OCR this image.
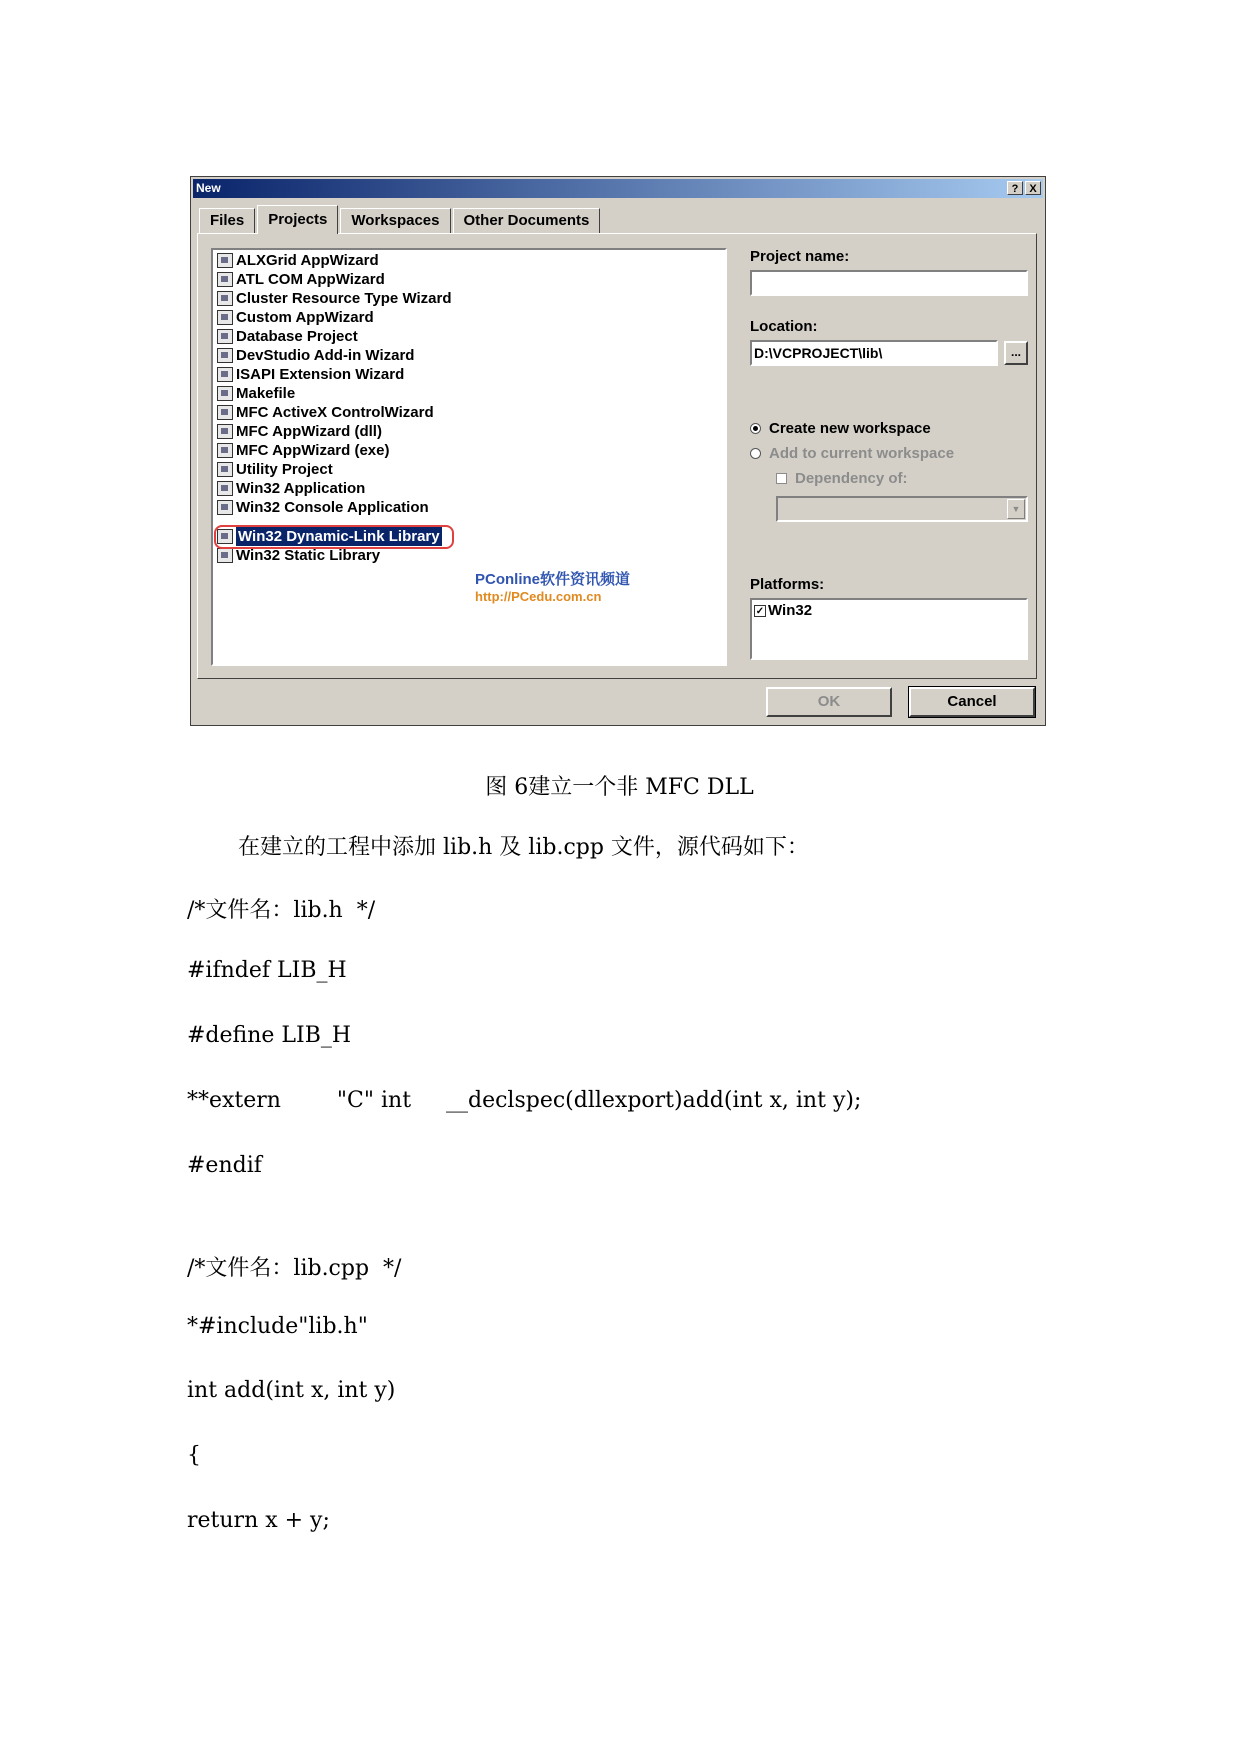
New	? X
Files	Projects	Workspaces	Other Documents
ALXGrid AppWizard
ATL COM AppWizard
Cluster Resource Type Wizard
Custom AppWizard
Database Project
DevStudio Add-in Wizard
ISAPI Extension Wizard
Makefile
MFC ActiveX ControlWizard
MFC AppWizard (dll)
MFC AppWizard (exe)
Utility Project
Win32 Application
Win32 Console Application
Win32 Dynamic-Link Library
Win32 Static Library
PConline软件资讯频道
http://PCedu.com.cn
Project name:
Location:
D:\VCPROJECT\lib\	...
Create new workspace
Add to current workspace
Dependency of:
▼
Platforms:
✓ Win32
OK	Cancel
图 6建立一个非 MFC DLL
在建立的工程中添加 lib.h 及 lib.cpp 文件，源代码如下：
/*文件名：lib.h  */
#ifndef LIB_H
#define LIB_H
**extern        "C" int     __declspec(dllexport)add(int x, int y);
#endif
/*文件名：lib.cpp  */
*#include"lib.h"
int add(int x, int y)
{
return x + y;
